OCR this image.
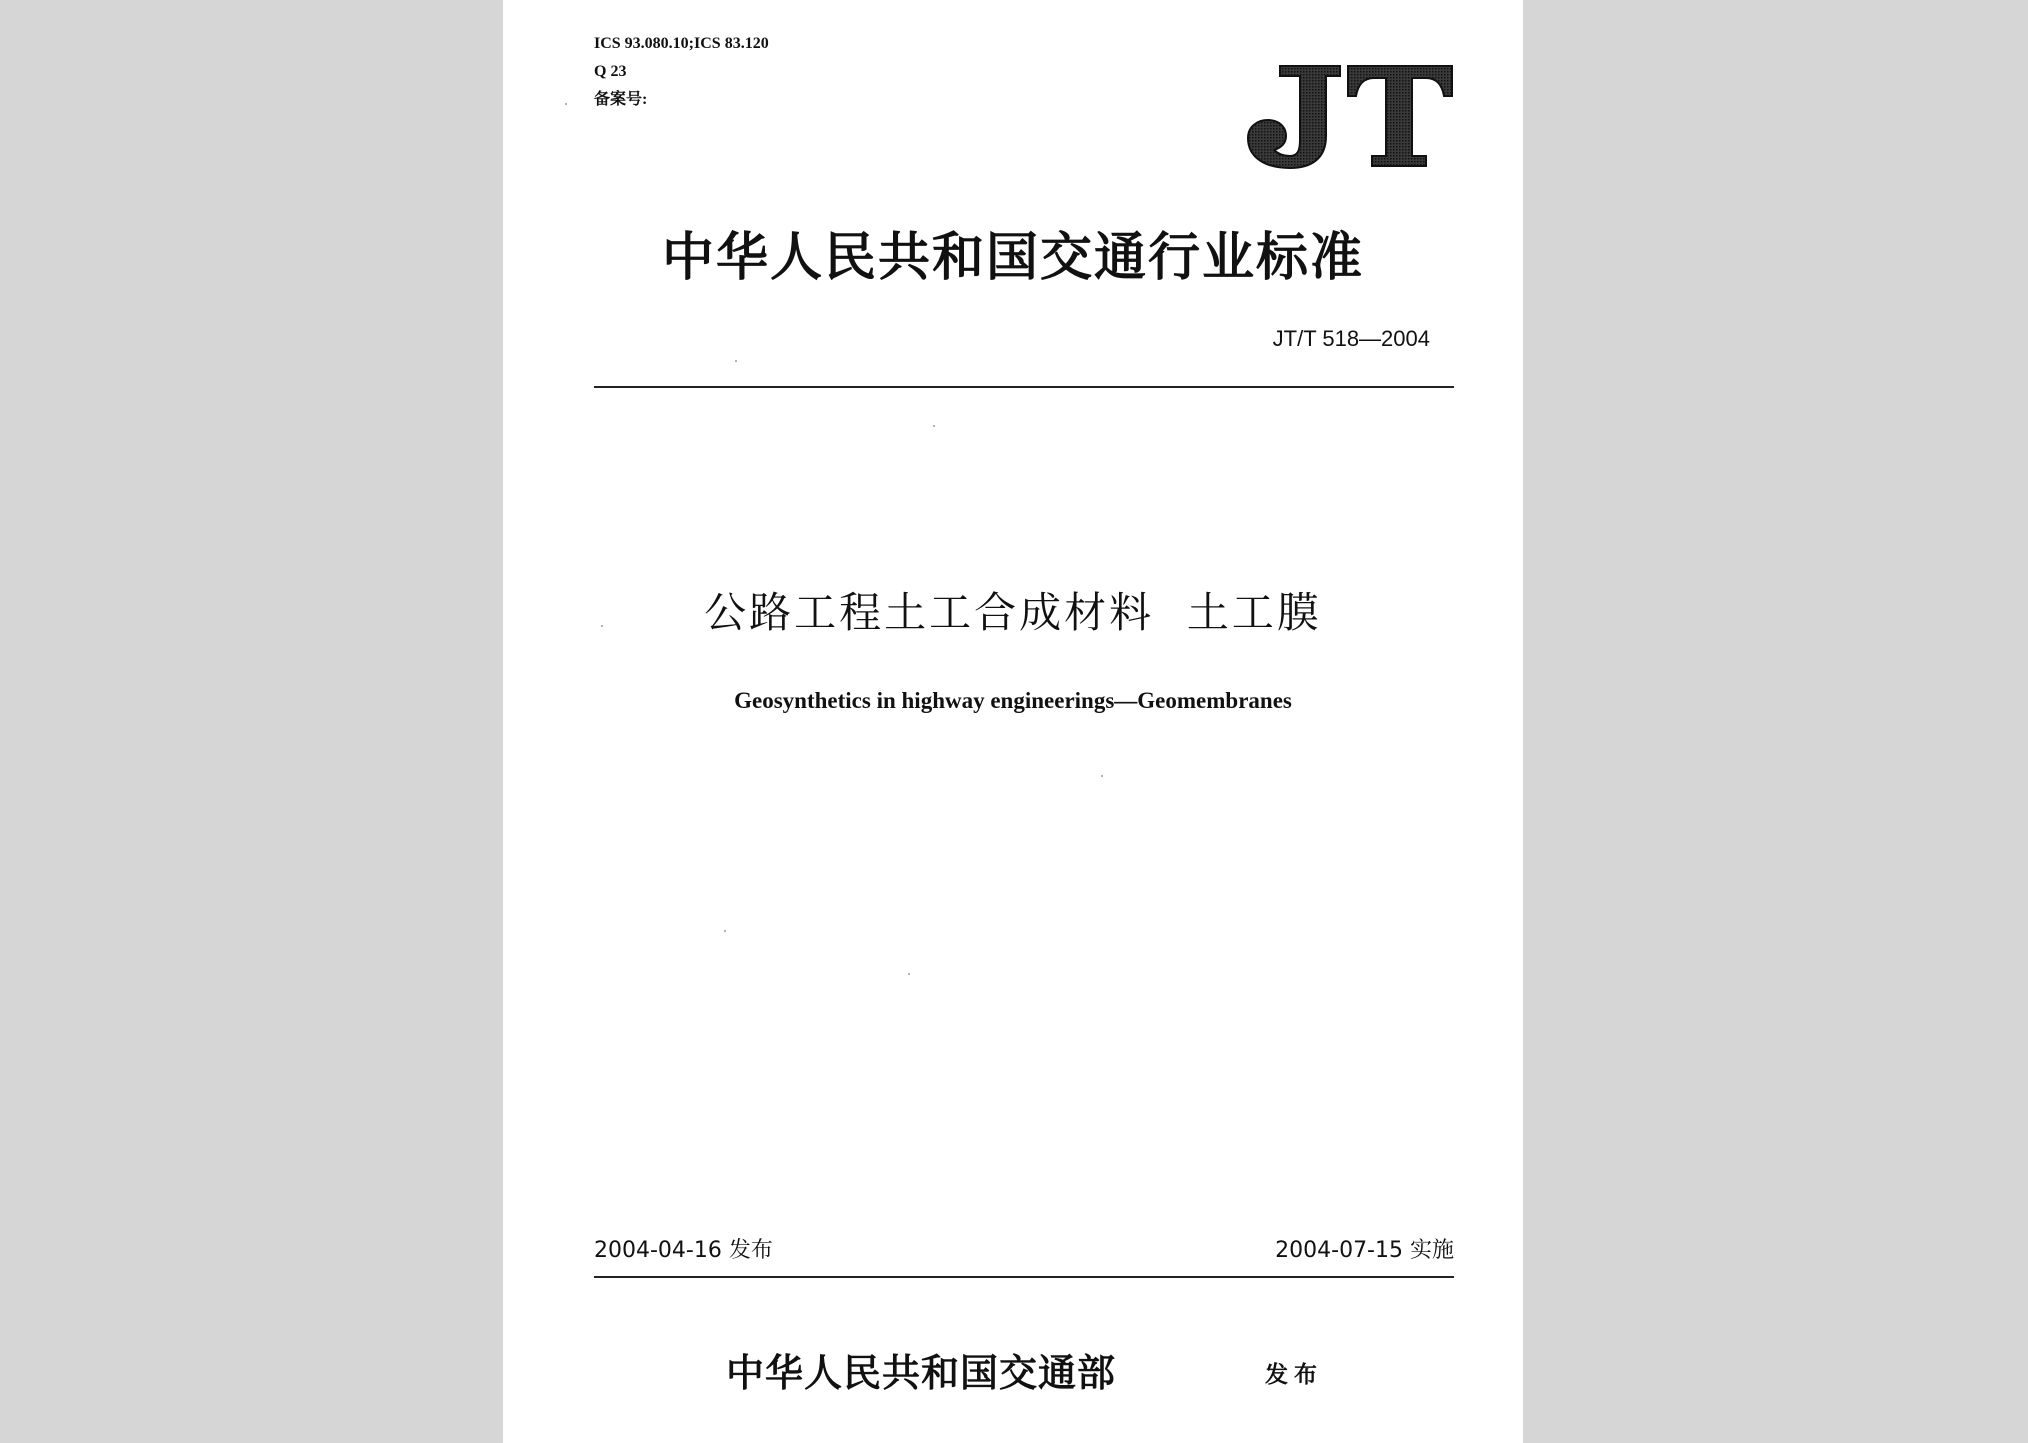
ICS 93.080.10;ICS 83.120
Q 23
备案号:
中华人民共和国交通行业标准
JT/T 518—2004
公路工程土工合成材料  土工膜
Geosynthetics in highway engineerings—Geomembranes
2004-04-16 发布	2004-07-15 实施
中华人民共和国交通部	发布
